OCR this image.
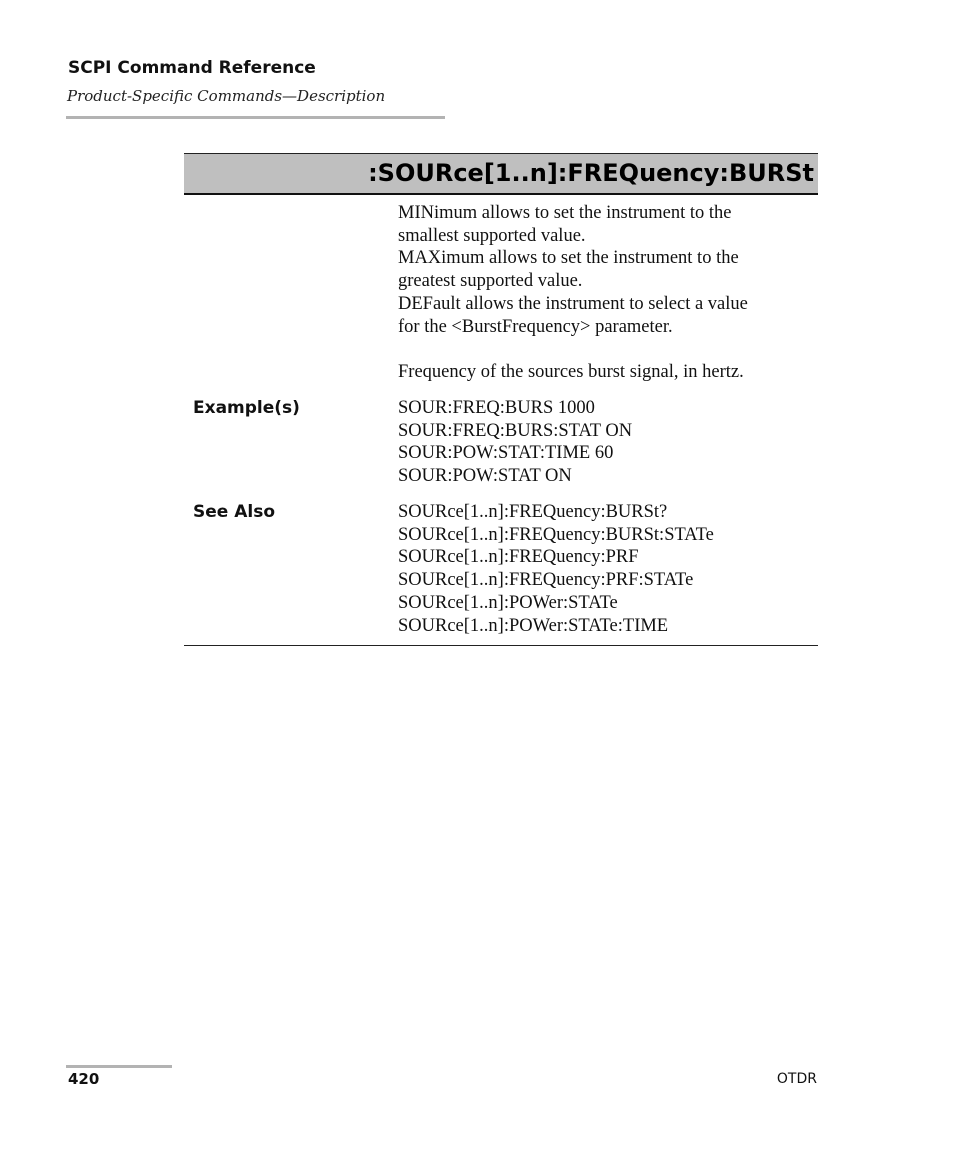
SCPI Command Reference
Product-Specific Commands—Description
:SOURce[1..n]:FREQuency:BURSt
MINimum allows to set the instrument to the
smallest supported value.
MAXimum allows to set the instrument to the
greatest supported value.
DEFault allows the instrument to select a value
for the <BurstFrequency> parameter.
Frequency of the sources burst signal, in hertz.
Example(s)	SOUR:FREQ:BURS 1000
SOUR:FREQ:BURS:STAT ON
SOUR:POW:STAT:TIME 60
SOUR:POW:STAT ON
See Also	SOURce[1..n]:FREQuency:BURSt?
SOURce[1..n]:FREQuency:BURSt:STATe
SOURce[1..n]:FREQuency:PRF
SOURce[1..n]:FREQuency:PRF:STATe
SOURce[1..n]:POWer:STATe
SOURce[1..n]:POWer:STATe:TIME
420	OTDR
